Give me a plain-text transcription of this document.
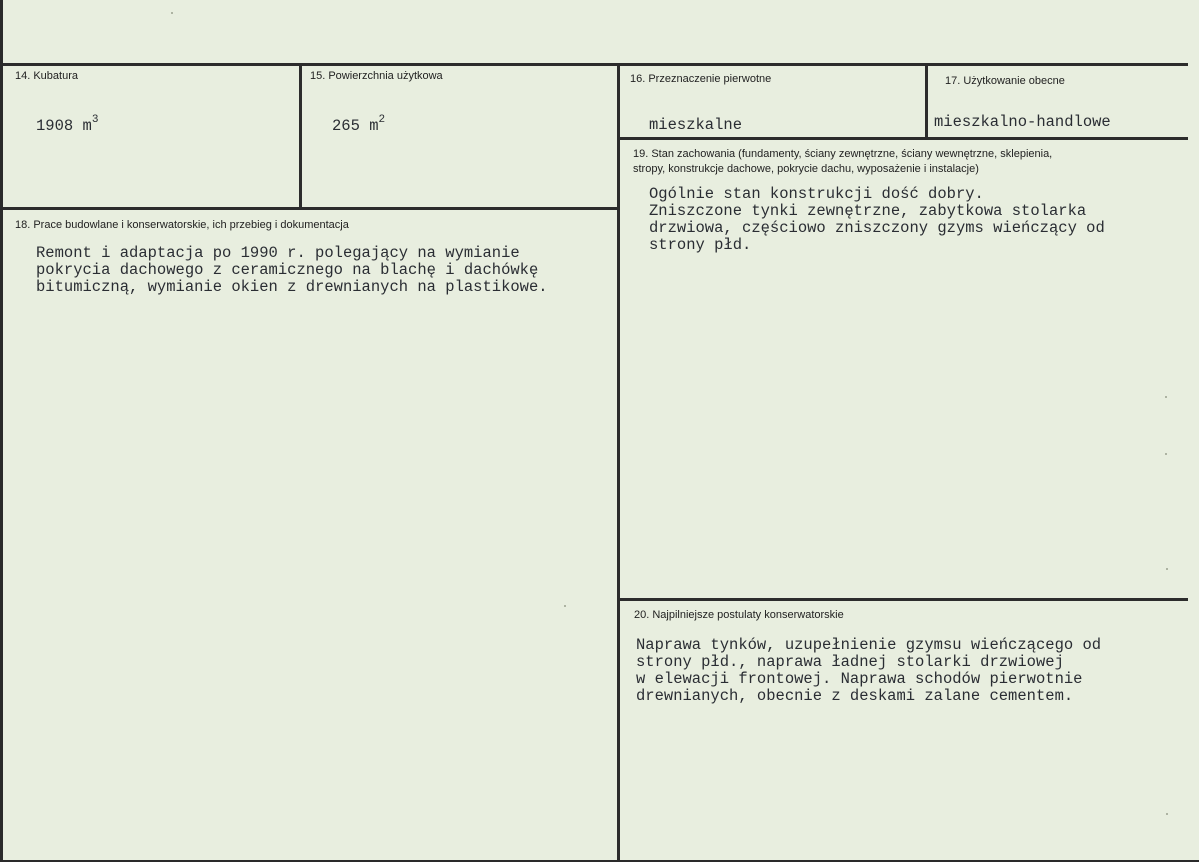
14. Kubatura
1908 $m^3$
15. Powierzchnia użytkowa
265 $m^2$
16. Przeznaczenie pierwotne
mieszkalne
17. Użytkowanie obecne
mieszkalno-handlowe
18. Prace budowlane i konserwatorskie, ich przebieg i dokumentacja
Remont i adaptacja po 1990 r. polegający na wymianie
pokrycia dachowego z ceramicznego na blachę i dachówkę
bitumiczną, wymianie okien z drewnianych na plastikowe.
19. Stan zachowania (fundamenty, ściany zewnętrzne, ściany wewnętrzne, sklepienia,
stropy, konstrukcje dachowe, pokrycie dachu, wyposażenie i instalacje)
Ogólnie stan konstrukcji dość dobry.
Zniszczone tynki zewnętrzne, zabytkowa stolarka
drzwiowa, częściowo zniszczony gzyms wieńczący od
strony płd.
20. Najpilniejsze postulaty konserwatorskie
Naprawa tynków, uzupełnienie gzymsu wieńczącego od
strony płd., naprawa ładnej stolarki drzwiowej
w elewacji frontowej. Naprawa schodów pierwotnie
drewnianych, obecnie z deskami zalane cementem.
